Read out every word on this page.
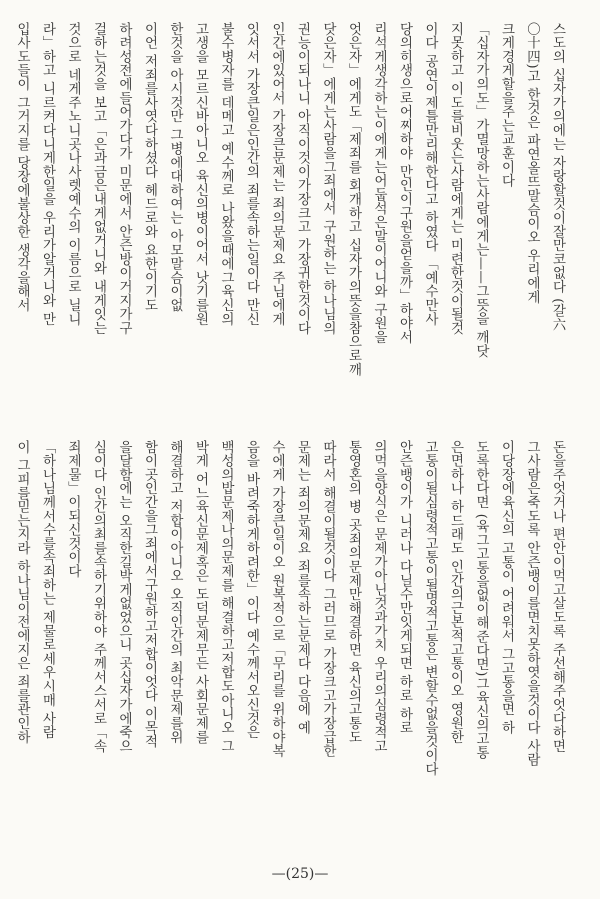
스도의 십자가의에는 자랑할것이잘만코없다 (갈六
〇十四)고 한것은 파연올뜨말슴이오 우리에게
크게경게할을주는교훈이다
「십자가의도」가멸망하는사람에게는——그뜻을 깨닷
지못하고 이도를비웃는사람에게는 미련한것이될것
이다 공연이제틀만리해한다고 하였다 「예수만사
당의히생으로어찌하야 만인이구원을얻을까」하야서
리석게생각하는이에게는어둡석은말이어니와 구원을
엇은자」에게도「제죄를 회개하고 십자가의뜻을참으로깨
닷은자」에게는사람을그죄에서 구원하는 하나님의
권능이되나니 아직이것이가장크고 가장귀한것이다
인간에있어서 가장큰문제는 죄의문제요 주님에게
잇서서 가장큰일은인간의 죄를속하는일이다 만신
불수병자를 데메고 예수께로 나왔을때에그육신의
고생을 모르신바아니오 육신의병이어서 낫기를원
한것을 아시것만 그병에대하여는 아모말슴이없
이언 저죄를사엿다하셨다 헤드로와 요한이기도
하려성전에들어가다가 미문에서 안즌방이거지가구
걸하는것을 보고「은과금은내게없거니와 내게잇는
것으로 네게주노니곳나사렛예수의 이름으로 닐니
라」하고 니르켜다니게한일을 우리가알거니와 만
입사도들이 그거지를 당장에불상한 생각을해서
돈을주엇거나 편안이먹고살도록 주선해주엇다하면
그사람은죽도록 안즌뱅이를면치못하엿을것이다 사람
이당장에육신의 고통이 어려워서 그고통을면 하
도록한다면 (육그고통을없이해준다면)그육신의고통
은면하나 하드래도 인간의근본적고통이오 영원한
고통이될심령적고통이될명적고통은 변할수없을것이다
안즌뱅이가 니러나 다닐수만잇게되면 하로 하로
의먹을양식은 문제가아닌것과가치 우리의심령적고
통영혼의 병 곳죄의문제만해결하면 육신의고통도
따라서 해결이될것이다 그러므로 가장크고가장급한
문제는 죄의문제요 죄를속하는문제다 다음에 예
수에게 가장큰일이오 원복적으로「무리를 위하야복
음을 바려죽하게하려한」이다 예수께서오신것은
백성의밥문제나의문제를 해결하고저합도아니오 그
박게 어느육신문제혹은 도덕문제무든 사회문제를
해결하고 저합이아니오 오직인간의 최악문제를위
함이곳인간을그죄에서구원하고저합이엇다 이목적
을달함에는 오직한길박게없었으니 곳십자가에죽으
심이다 인간의최를속하기위하야 주께서스서로「속
죄제물」이되신것이다
「하나님께서수를속죄하는 제물로세우시매 사람
이 그피를믿는지라 하나님이전에지은 죄를관인하
—(25)—
